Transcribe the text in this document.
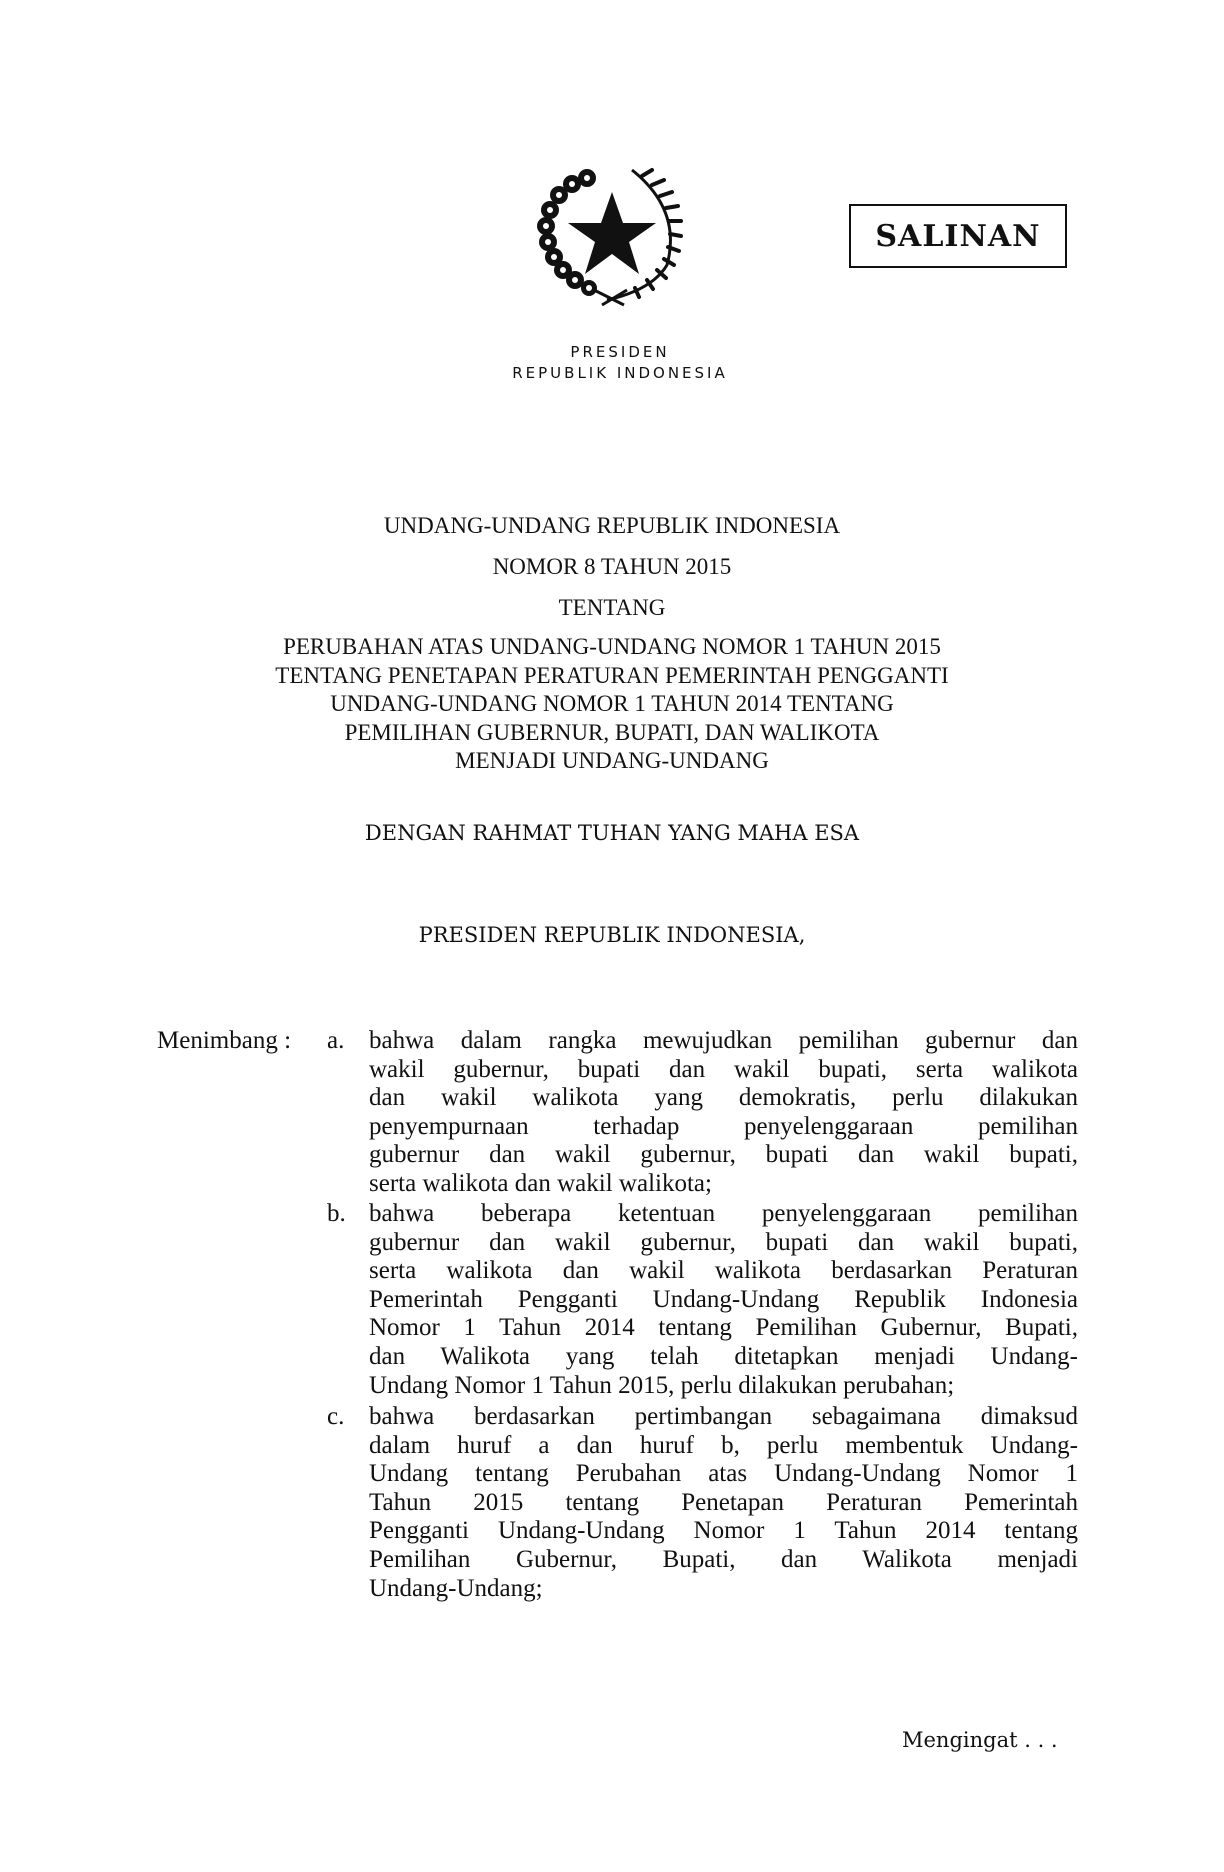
PRESIDEN
REPUBLIK INDONESIA
SALINAN
UNDANG-UNDANG REPUBLIK INDONESIA
NOMOR 8 TAHUN 2015
TENTANG
PERUBAHAN ATAS UNDANG-UNDANG NOMOR 1 TAHUN 2015
TENTANG PENETAPAN PERATURAN PEMERINTAH PENGGANTI
UNDANG-UNDANG NOMOR 1 TAHUN 2014 TENTANG
PEMILIHAN GUBERNUR, BUPATI, DAN WALIKOTA
MENJADI UNDANG-UNDANG
DENGAN RAHMAT TUHAN YANG MAHA ESA
PRESIDEN REPUBLIK INDONESIA,
Menimbang : a. bahwa dalam rangka mewujudkan pemilihan gubernur dan
wakil gubernur, bupati dan wakil bupati, serta walikota
dan wakil walikota yang demokratis, perlu dilakukan
penyempurnaan terhadap penyelenggaraan pemilihan
gubernur dan wakil gubernur, bupati dan wakil bupati,
serta walikota dan wakil walikota;
b. bahwa beberapa ketentuan penyelenggaraan pemilihan
gubernur dan wakil gubernur, bupati dan wakil bupati,
serta walikota dan wakil walikota berdasarkan Peraturan
Pemerintah Pengganti Undang-Undang Republik Indonesia
Nomor 1 Tahun 2014 tentang Pemilihan Gubernur, Bupati,
dan Walikota yang telah ditetapkan menjadi Undang-
Undang Nomor 1 Tahun 2015, perlu dilakukan perubahan;
c. bahwa berdasarkan pertimbangan sebagaimana dimaksud
dalam huruf a dan huruf b, perlu membentuk Undang-
Undang tentang Perubahan atas Undang-Undang Nomor 1
Tahun 2015 tentang Penetapan Peraturan Pemerintah
Pengganti Undang-Undang Nomor 1 Tahun 2014 tentang
Pemilihan Gubernur, Bupati, dan Walikota menjadi
Undang-Undang;
Mengingat . . .
